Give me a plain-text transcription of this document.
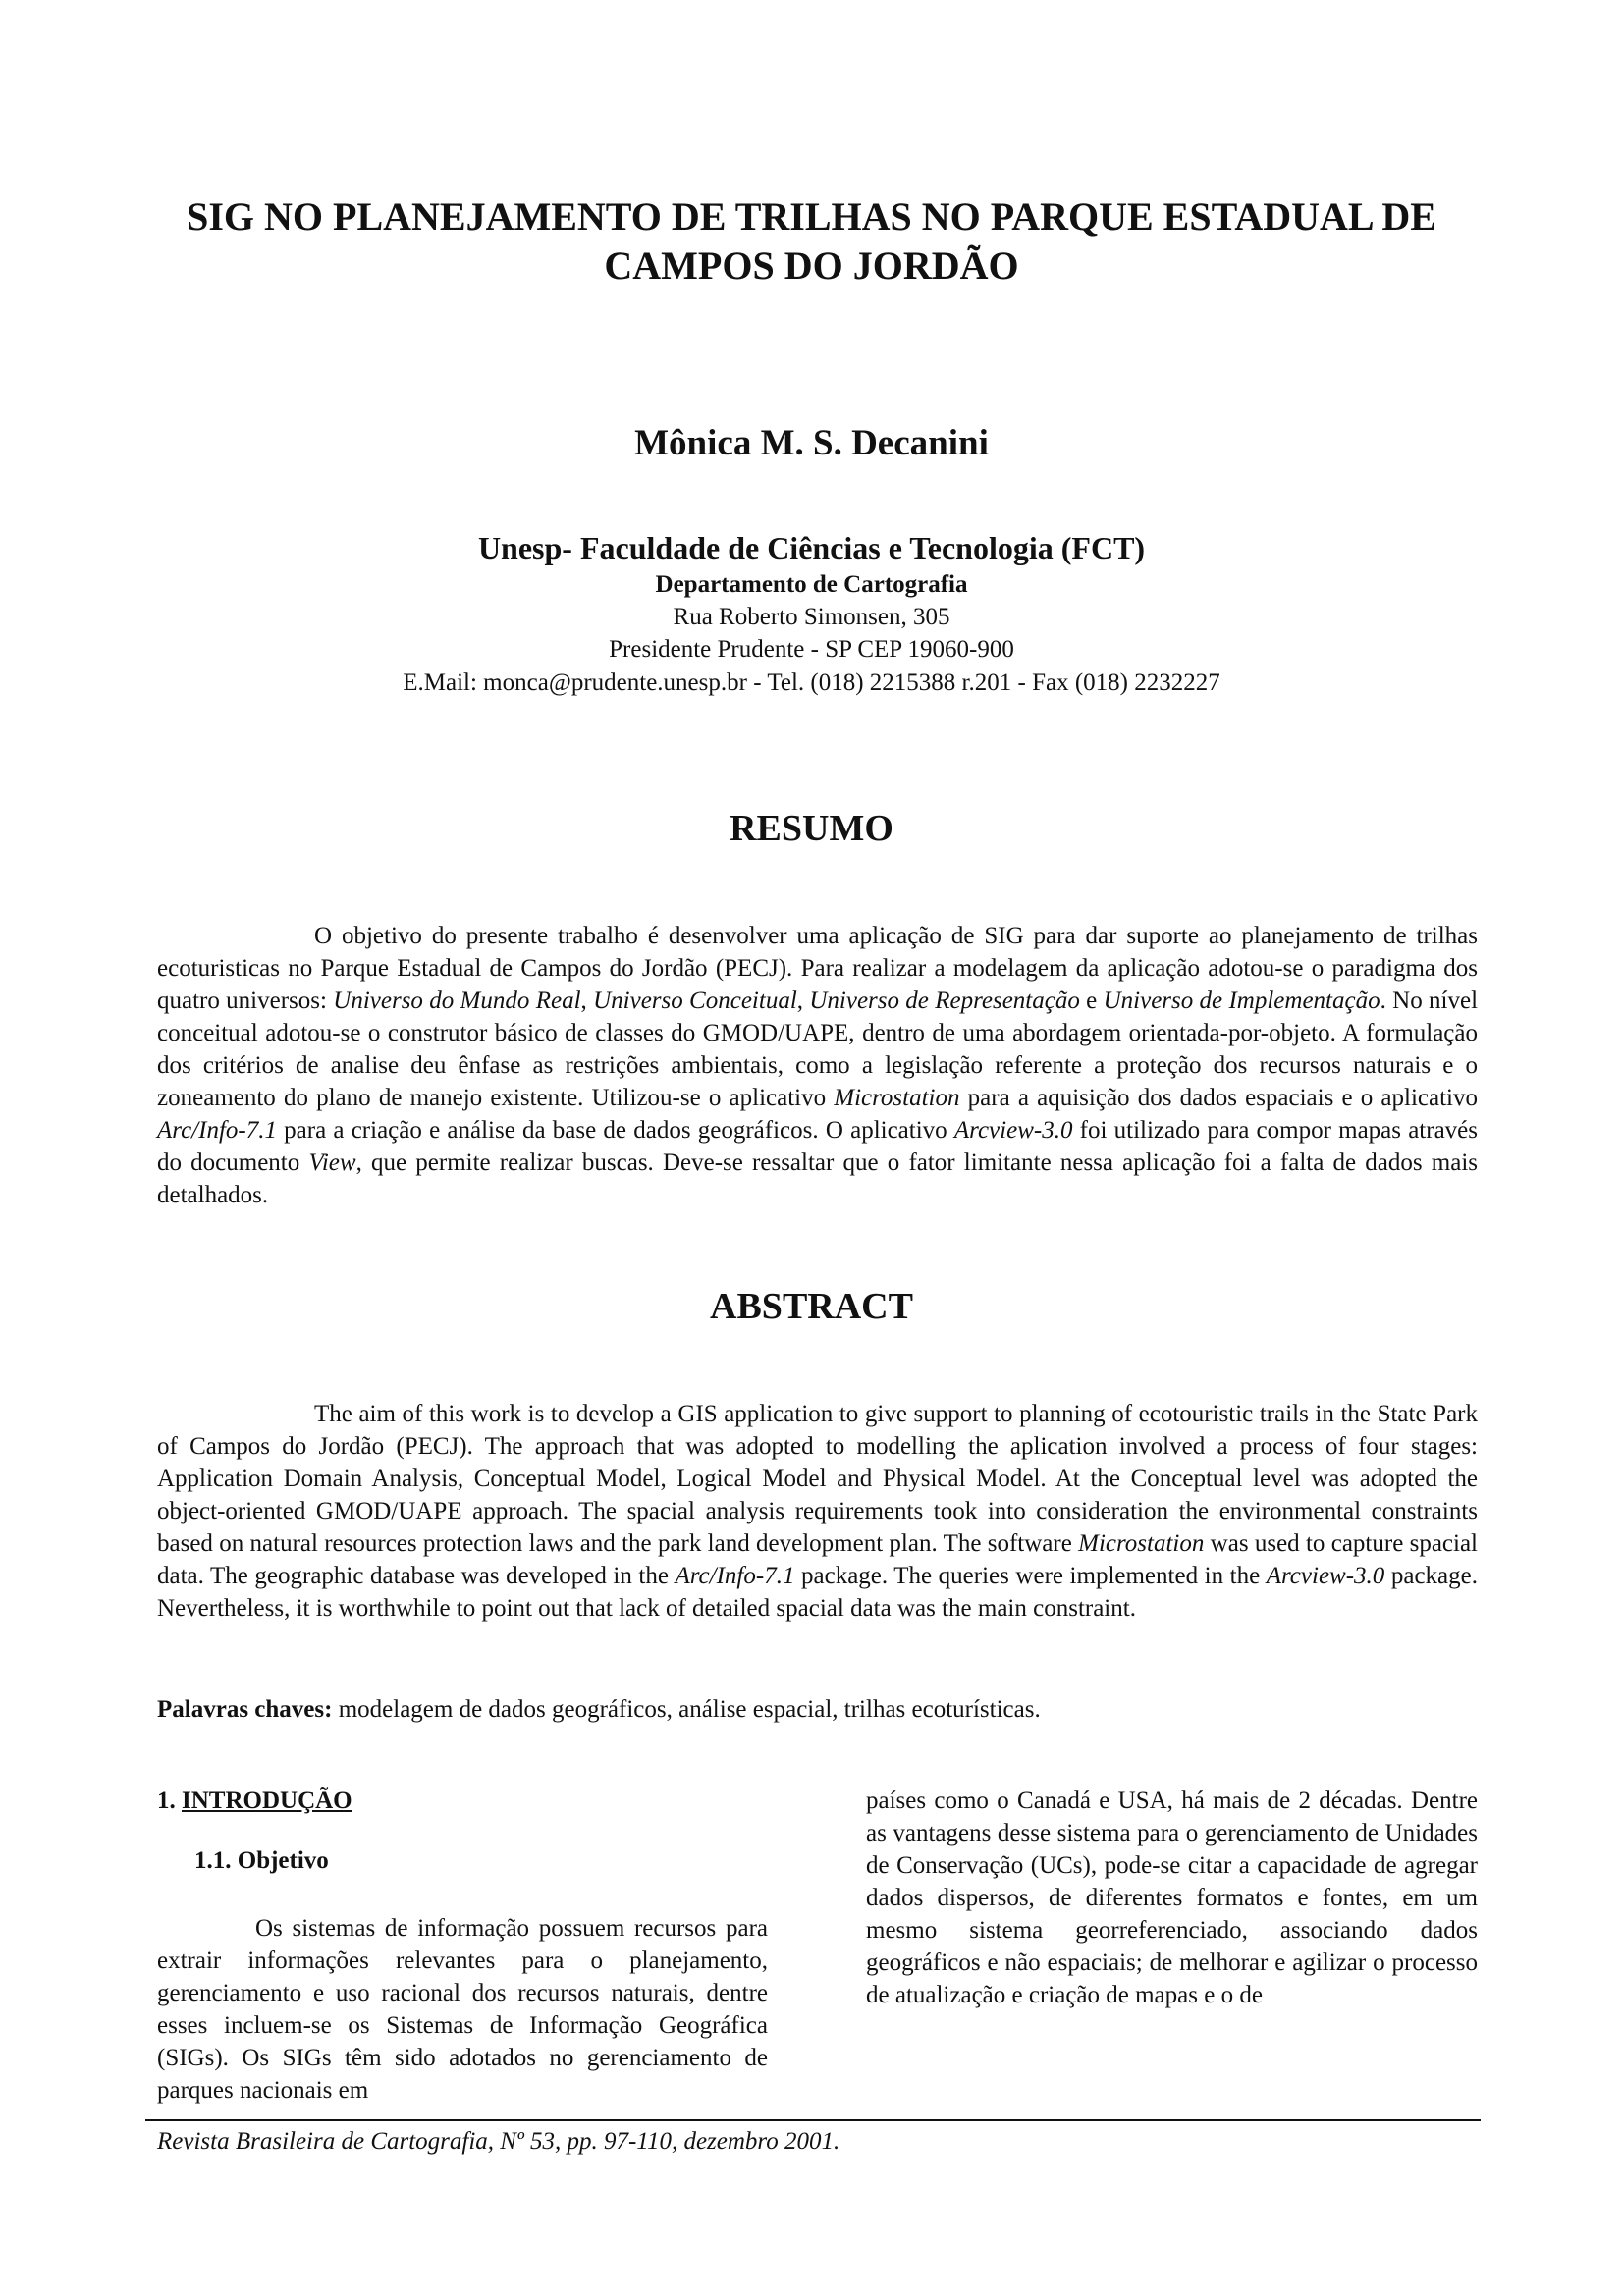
SIG NO PLANEJAMENTO DE TRILHAS NO PARQUE ESTADUAL DE
CAMPOS DO JORDÃO
Mônica M. S. Decanini
Unesp- Faculdade de Ciências e Tecnologia (FCT)
Departamento de Cartografia
Rua Roberto Simonsen, 305
Presidente Prudente - SP CEP 19060-900
E.Mail: monca@prudente.unesp.br - Tel. (018) 2215388 r.201 - Fax (018) 2232227
RESUMO

O objetivo do presente trabalho é desenvolver uma aplicação de SIG para dar suporte ao planejamento de trilhas ecoturisticas no Parque Estadual de Campos do Jordão (PECJ). Para realizar a modelagem da aplicação adotou-se o paradigma dos quatro universos: Universo do Mundo Real, Universo Conceitual, Universo de Representação e Universo de Implementação. No nível conceitual adotou-se o construtor básico de classes do GMOD/UAPE, dentro de uma abordagem orientada-por-objeto. A formulação dos critérios de analise deu ênfase as restrições ambientais, como a legislação referente a proteção dos recursos naturais e o zoneamento do plano de manejo existente. Utilizou-se o aplicativo Microstation para a aquisição dos dados espaciais e o aplicativo Arc/Info-7.1 para a criação e análise da base de dados geográficos. O aplicativo Arcview-3.0 foi utilizado para compor mapas através do documento View, que permite realizar buscas. Deve-se ressaltar que o fator limitante nessa aplicação foi a falta de dados mais detalhados.

ABSTRACT

The aim of this work is to develop a GIS application to give support to planning of ecotouristic trails in the State Park of Campos do Jordão (PECJ). The approach that was adopted to modelling the aplication involved a process of four stages: Application Domain Analysis, Conceptual Model, Logical Model and Physical Model. At the Conceptual level was adopted the object-oriented GMOD/UAPE approach. The spacial analysis requirements took into consideration the environmental constraints based on natural resources protection laws and the park land development plan. The software Microstation was used to capture spacial data. The geographic database was developed in the Arc/Info-7.1 package. The queries were implemented in the Arcview-3.0 package. Nevertheless, it is worthwhile to point out that lack of detailed spacial data was the main constraint.

Palavras chaves: modelagem de dados geográficos, análise espacial, trilhas ecoturísticas.

1. INTRODUÇÃO

1.1. Objetivo

Os sistemas de informação possuem recursos para extrair informações relevantes para o planejamento, gerenciamento e uso racional dos recursos naturais, dentre esses incluem-se os Sistemas de Informação Geográfica (SIGs). Os SIGs têm sido adotados no gerenciamento de parques nacionais em

países como o Canadá e USA, há mais de 2 décadas. Dentre as vantagens desse sistema para o gerenciamento de Unidades de Conservação (UCs), pode-se citar a capacidade de agregar dados dispersos, de diferentes formatos e fontes, em um mesmo sistema georreferenciado, associando dados geográficos e não espaciais; de melhorar e agilizar o processo de atualização e criação de mapas e o de

Revista Brasileira de Cartografia, Nº 53, pp. 97-110, dezembro 2001.
